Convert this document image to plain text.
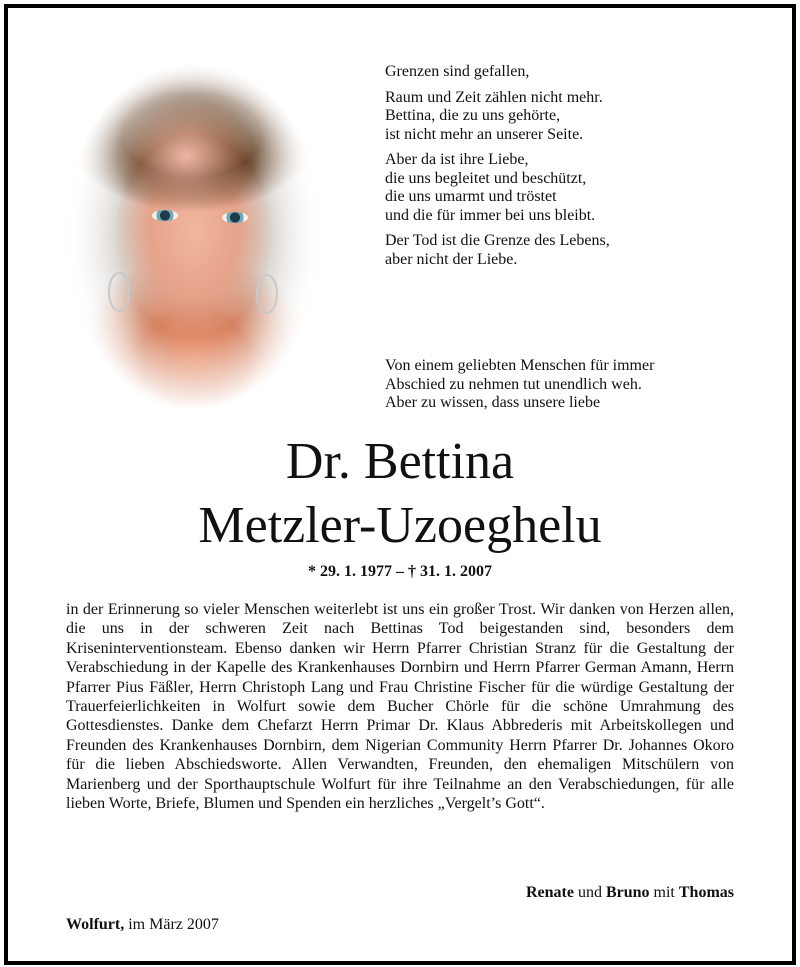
Grenzen sind gefallen,

Raum und Zeit zählen nicht mehr.
Bettina, die zu uns gehörte,
ist nicht mehr an unserer Seite.

Aber da ist ihre Liebe,
die uns begleitet und beschützt,
die uns umarmt und tröstet
und die für immer bei uns bleibt.

Der Tod ist die Grenze des Lebens,
aber nicht der Liebe.

Von einem geliebten Menschen für immer
Abschied zu nehmen tut unendlich weh.
Aber zu wissen, dass unsere liebe
Dr. Bettina
Metzler-Uzoeghelu
* 29. 1. 1977 – † 31. 1. 2007
in der Erinnerung so vieler Menschen weiterlebt ist uns ein großer Trost. Wir danken von Herzen allen, die uns in der schweren Zeit nach Bettinas Tod beigestanden sind, besonders dem Kriseninterventionsteam. Ebenso danken wir Herrn Pfarrer Christian Stranz für die Gestaltung der Verabschiedung in der Kapelle des Krankenhauses Dornbirn und Herrn Pfarrer German Amann, Herrn Pfarrer Pius Fäßler, Herrn Christoph Lang und Frau Christine Fischer für die würdige Gestaltung der Trauerfeierlichkeiten in Wolfurt sowie dem Bucher Chörle für die schöne Umrahmung des Gottesdienstes. Danke dem Chefarzt Herrn Primar Dr. Klaus Abbrederis mit Arbeitskollegen und Freunden des Krankenhauses Dornbirn, dem Nigerian Community Herrn Pfarrer Dr. Johannes Okoro für die lieben Abschiedsworte. Allen Verwandten, Freunden, den ehemaligen Mitschülern von Marienberg und der Sporthauptschule Wolfurt für ihre Teilnahme an den Verabschiedungen, für alle lieben Worte, Briefe, Blumen und Spenden ein herzliches „Vergelt’s Gott“.
Renate und Bruno mit Thomas
Wolfurt, im März 2007
